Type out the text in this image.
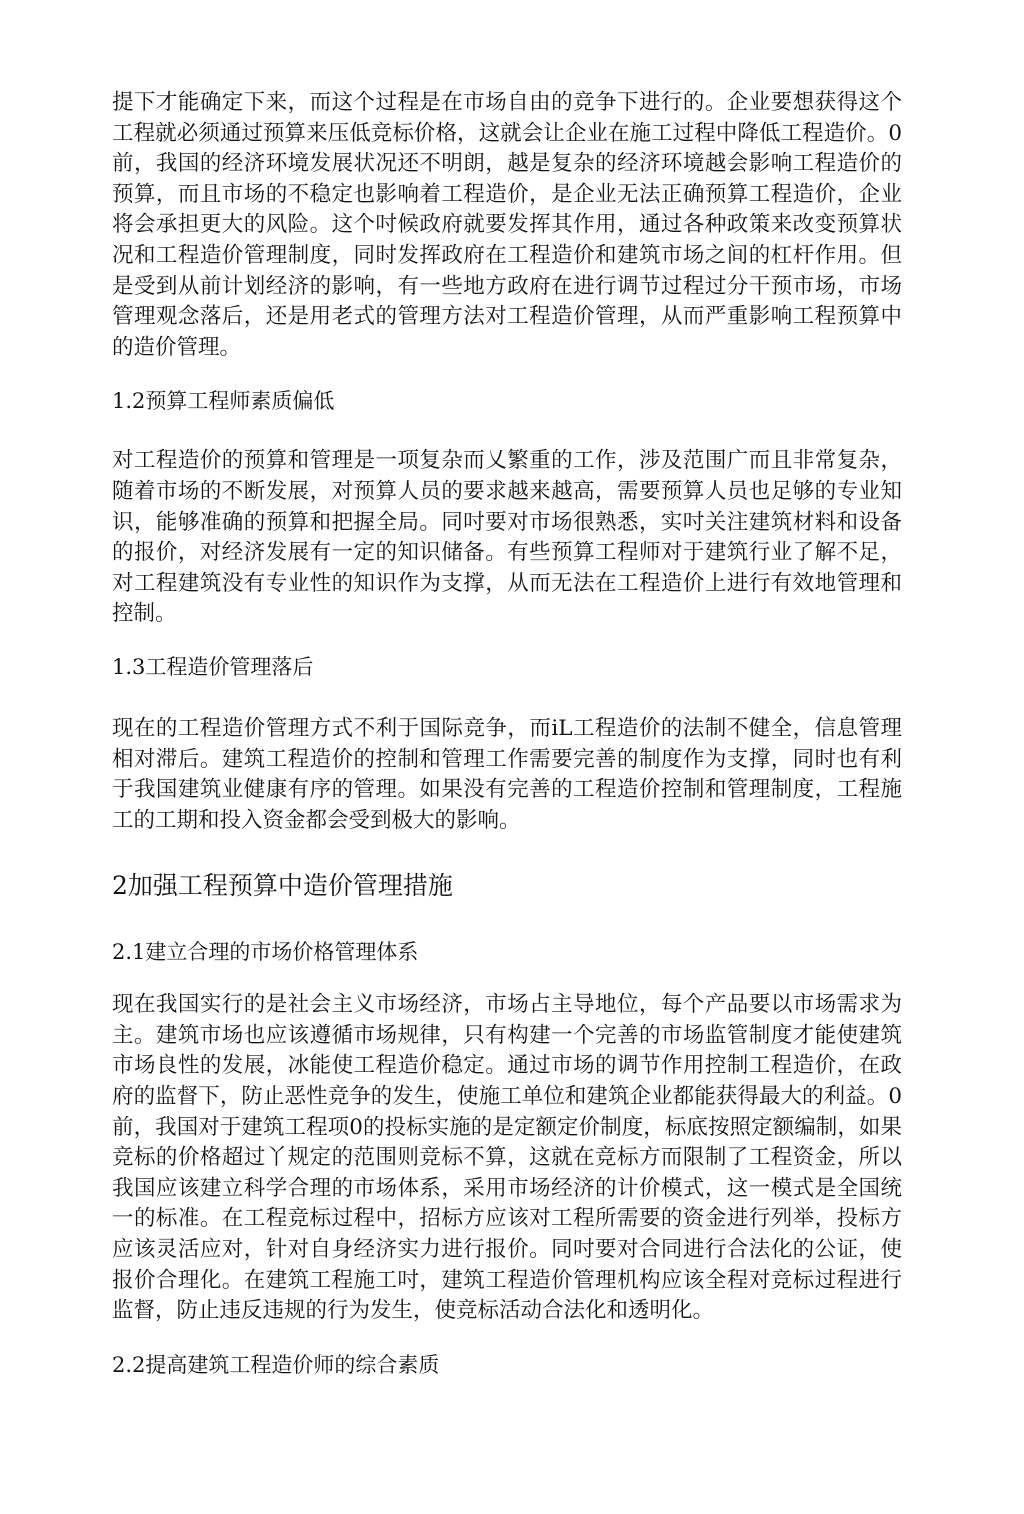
提下才能确定下来，而这个过程是在市场自由的竞争下进行的。企业要想获得这个工程就必须通过预算来压低竞标价格，这就会让企业在施工过程中降低工程造价。0前，我国的经济环境发展状况还不明朗，越是复杂的经济环境越会影响工程造价的预算，而且市场的不稳定也影响着工程造价，是企业无法正确预算工程造价，企业将会承担更大的风险。这个吋候政府就要发挥其作用，通过各种政策来改变预算状况和工程造价管理制度，同时发挥政府在工程造价和建筑市场之间的杠杆作用。但是受到从前计划经济的影响，有一些地方政府在进行调节过程过分干预市场，市场管理观念落后，还是用老式的管理方法对工程造价管理，从而严重影响工程预算中的造价管理。

1.2预算工程师素质偏低

对工程造价的预算和管理是一项复杂而乂繁重的工作，涉及范围广而且非常复杂，随着市场的不断发展，对预算人员的要求越来越高，需要预算人员也足够的专业知识，能够准确的预算和把握全局。同吋要对市场很熟悉，实吋关注建筑材料和设备的报价，对经济发展有一定的知识储备。有些预算工程师对于建筑行业了解不足，对工程建筑没有专业性的知识作为支撑，从而无法在工程造价上进行有效地管理和控制。

1.3工程造价管理落后

现在的工程造价管理方式不利于国际竞争，而iL工程造价的法制不健全，信息管理相对滞后。建筑工程造价的控制和管理工作需要完善的制度作为支撑，同时也有利于我国建筑业健康有序的管理。如果没有完善的工程造价控制和管理制度，工程施工的工期和投入资金都会受到极大的影响。

2加强工程预算中造价管理措施

2.1建立合理的市场价格管理体系

现在我国实行的是社会主义市场经济，市场占主导地位，每个产品要以市场需求为主。建筑市场也应该遵循市场规律，只有构建一个完善的市场监管制度才能使建筑市场良性的发展，冰能使工程造价稳定。通过市场的调节作用控制工程造价，在政府的监督下，防止恶性竞争的发生，使施工单位和建筑企业都能获得最大的利益。0前，我国对于建筑工程项0的投标实施的是定额定价制度，标底按照定额编制，如果竞标的价格超过丫规定的范围则竞标不算，这就在竞标方而限制了工程资金，所以我国应该建立科学合理的市场体系，采用市场经济的计价模式，这一模式是全国统一的标准。在工程竞标过程中，招标方应该对工程所需要的资金进行列举，投标方应该灵活应对，针对自身经济实力进行报价。同吋要对合同进行合法化的公证，使报价合理化。在建筑工程施工吋，建筑工程造价管理机构应该全程对竞标过程进行监督，防止违反违规的行为发生，使竞标活动合法化和透明化。

2.2提高建筑工程造价师的综合素质
